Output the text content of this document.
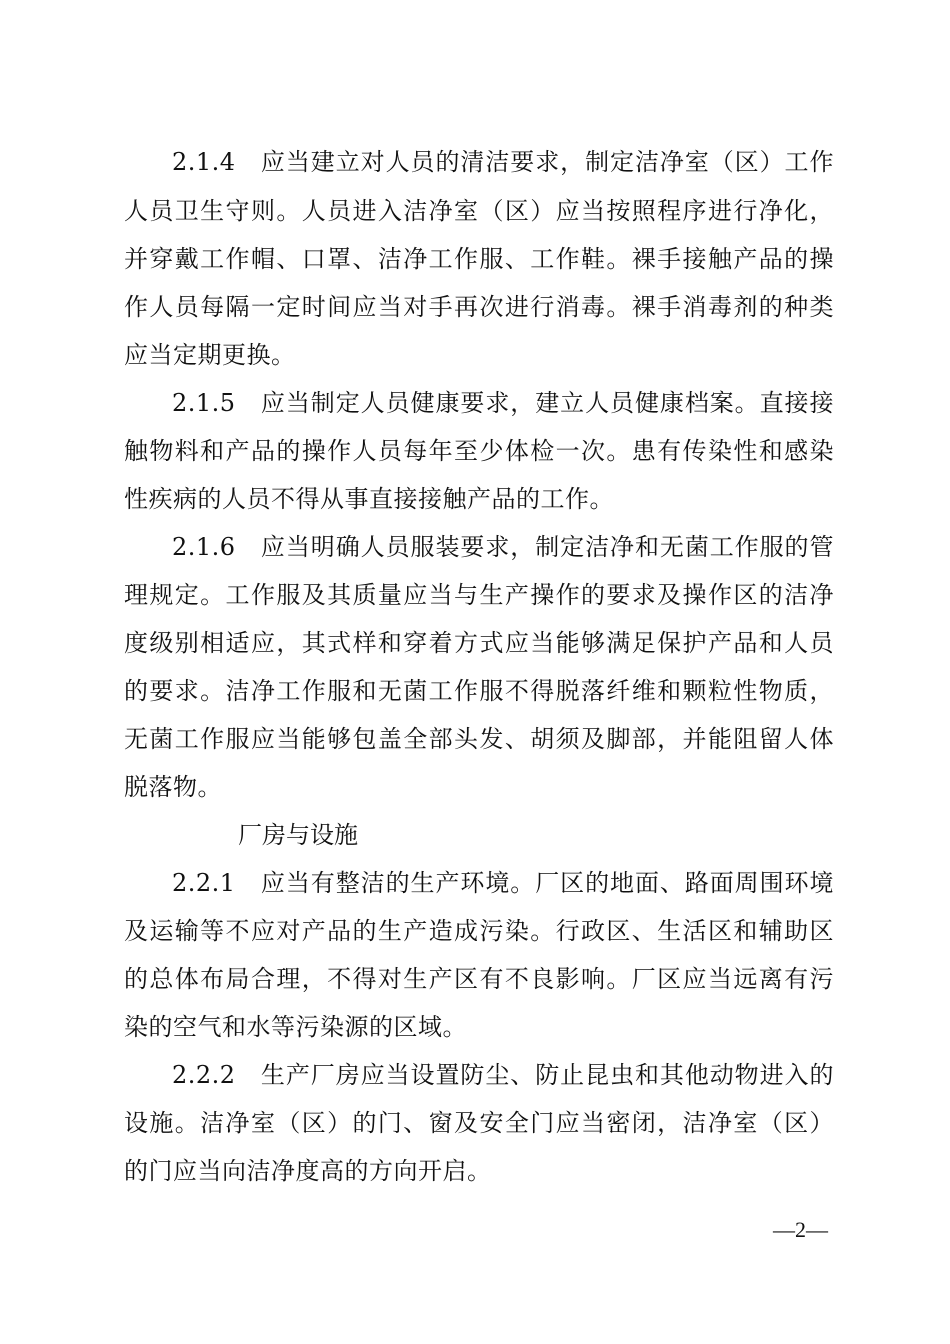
2.1.4　应当建立对人员的清洁要求，制定洁净室（区）工作
人员卫生守则。人员进入洁净室（区）应当按照程序进行净化，
并穿戴工作帽、口罩、洁净工作服、工作鞋。裸手接触产品的操
作人员每隔一定时间应当对手再次进行消毒。裸手消毒剂的种类
应当定期更换。
2.1.5　应当制定人员健康要求，建立人员健康档案。直接接
触物料和产品的操作人员每年至少体检一次。患有传染性和感染
性疾病的人员不得从事直接接触产品的工作。
2.1.6　应当明确人员服装要求，制定洁净和无菌工作服的管
理规定。工作服及其质量应当与生产操作的要求及操作区的洁净
度级别相适应，其式样和穿着方式应当能够满足保护产品和人员
的要求。洁净工作服和无菌工作服不得脱落纤维和颗粒性物质，
无菌工作服应当能够包盖全部头发、胡须及脚部，并能阻留人体
脱落物。
厂房与设施
2.2.1　应当有整洁的生产环境。厂区的地面、路面周围环境
及运输等不应对产品的生产造成污染。行政区、生活区和辅助区
的总体布局合理，不得对生产区有不良影响。厂区应当远离有污
染的空气和水等污染源的区域。
2.2.2　生产厂房应当设置防尘、防止昆虫和其他动物进入的
设施。洁净室（区）的门、窗及安全门应当密闭，洁净室（区）
的门应当向洁净度高的方向开启。
—2—
